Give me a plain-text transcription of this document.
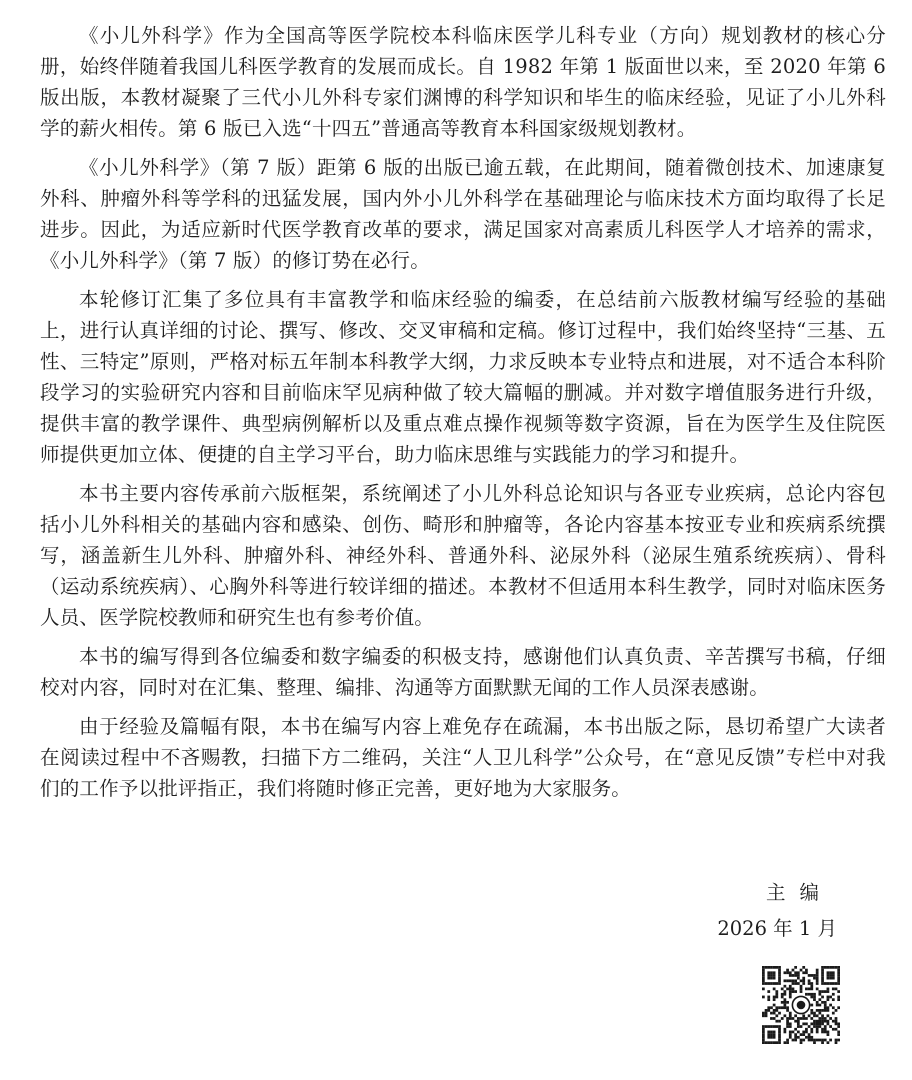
《小儿外科学》作为全国高等医学院校本科临床医学儿科专业（方向）规划教材的核心分册，始终伴随着我国儿科医学教育的发展而成长。自 1982 年第 1 版面世以来，至 2020 年第 6 版出版，本教材凝聚了三代小儿外科专家们渊博的科学知识和毕生的临床经验，见证了小儿外科学的薪火相传。第 6 版已入选“十四五”普通高等教育本科国家级规划教材。

《小儿外科学》（第 7 版）距第 6 版的出版已逾五载，在此期间，随着微创技术、加速康复外科、肿瘤外科等学科的迅猛发展，国内外小儿外科学在基础理论与临床技术方面均取得了长足进步。因此，为适应新时代医学教育改革的要求，满足国家对高素质儿科医学人才培养的需求，《小儿外科学》（第 7 版）的修订势在必行。

本轮修订汇集了多位具有丰富教学和临床经验的编委，在总结前六版教材编写经验的基础上，进行认真详细的讨论、撰写、修改、交叉审稿和定稿。修订过程中，我们始终坚持“三基、五性、三特定”原则，严格对标五年制本科教学大纲，力求反映本专业特点和进展，对不适合本科阶段学习的实验研究内容和目前临床罕见病种做了较大篇幅的删减。并对数字增值服务进行升级，提供丰富的教学课件、典型病例解析以及重点难点操作视频等数字资源，旨在为医学生及住院医师提供更加立体、便捷的自主学习平台，助力临床思维与实践能力的学习和提升。

本书主要内容传承前六版框架，系统阐述了小儿外科总论知识与各亚专业疾病，总论内容包括小儿外科相关的基础内容和感染、创伤、畸形和肿瘤等，各论内容基本按亚专业和疾病系统撰写，涵盖新生儿外科、肿瘤外科、神经外科、普通外科、泌尿外科（泌尿生殖系统疾病）、骨科（运动系统疾病）、心胸外科等进行较详细的描述。本教材不但适用本科生教学，同时对临床医务人员、医学院校教师和研究生也有参考价值。

本书的编写得到各位编委和数字编委的积极支持，感谢他们认真负责、辛苦撰写书稿，仔细校对内容，同时对在汇集、整理、编排、沟通等方面默默无闻的工作人员深表感谢。

由于经验及篇幅有限，本书在编写内容上难免存在疏漏，本书出版之际，恳切希望广大读者在阅读过程中不吝赐教，扫描下方二维码，关注“人卫儿科学”公众号，在“意见反馈”专栏中对我们的工作予以批评指正，我们将随时修正完善，更好地为大家服务。

主编
2026 年 1 月
